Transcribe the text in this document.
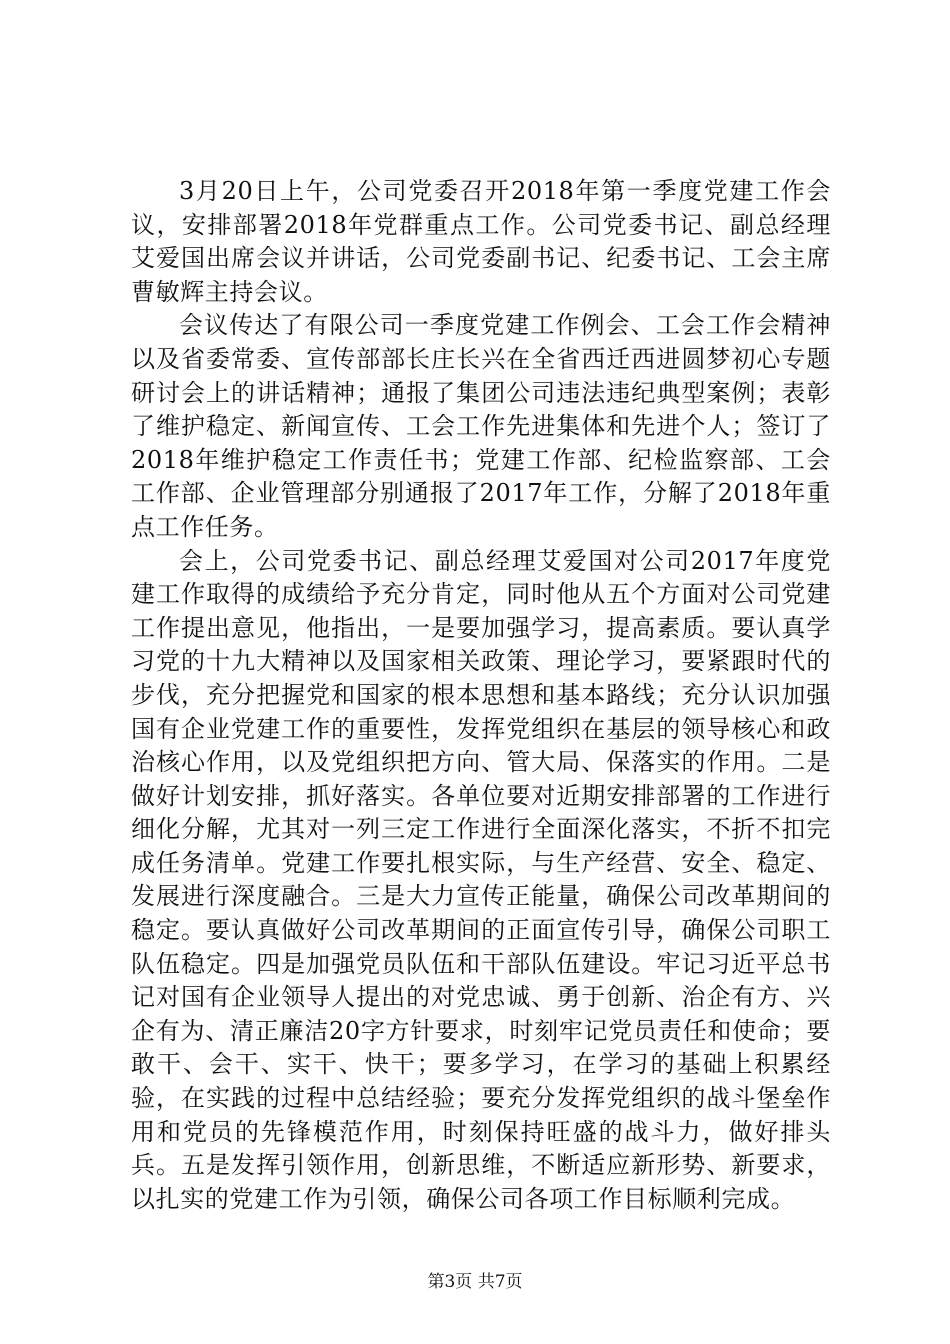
3月20日上午，公司党委召开2018年第一季度党建工作会议，安排部署2018年党群重点工作。公司党委书记、副总经理艾爱国出席会议并讲话，公司党委副书记、纪委书记、工会主席曹敏辉主持会议。

会议传达了有限公司一季度党建工作例会、工会工作会精神以及省委常委、宣传部部长庄长兴在全省西迁西进圆梦初心专题研讨会上的讲话精神；通报了集团公司违法违纪典型案例；表彰了维护稳定、新闻宣传、工会工作先进集体和先进个人；签订了2018年维护稳定工作责任书；党建工作部、纪检监察部、工会工作部、企业管理部分别通报了2017年工作，分解了2018年重点工作任务。

会上，公司党委书记、副总经理艾爱国对公司2017年度党建工作取得的成绩给予充分肯定，同时他从五个方面对公司党建工作提出意见，他指出，一是要加强学习，提高素质。要认真学习党的十九大精神以及国家相关政策、理论学习，要紧跟时代的步伐，充分把握党和国家的根本思想和基本路线；充分认识加强国有企业党建工作的重要性，发挥党组织在基层的领导核心和政治核心作用，以及党组织把方向、管大局、保落实的作用。二是做好计划安排，抓好落实。各单位要对近期安排部署的工作进行细化分解，尤其对一列三定工作进行全面深化落实，不折不扣完成任务清单。党建工作要扎根实际，与生产经营、安全、稳定、发展进行深度融合。三是大力宣传正能量，确保公司改革期间的稳定。要认真做好公司改革期间的正面宣传引导，确保公司职工队伍稳定。四是加强党员队伍和干部队伍建设。牢记习近平总书记对国有企业领导人提出的对党忠诚、勇于创新、治企有方、兴企有为、清正廉洁20字方针要求，时刻牢记党员责任和使命；要敢干、会干、实干、快干；要多学习，在学习的基础上积累经验，在实践的过程中总结经验；要充分发挥党组织的战斗堡垒作用和党员的先锋模范作用，时刻保持旺盛的战斗力，做好排头兵。五是发挥引领作用，创新思维，不断适应新形势、新要求，以扎实的党建工作为引领，确保公司各项工作目标顺利完成。

第3页 共7页
